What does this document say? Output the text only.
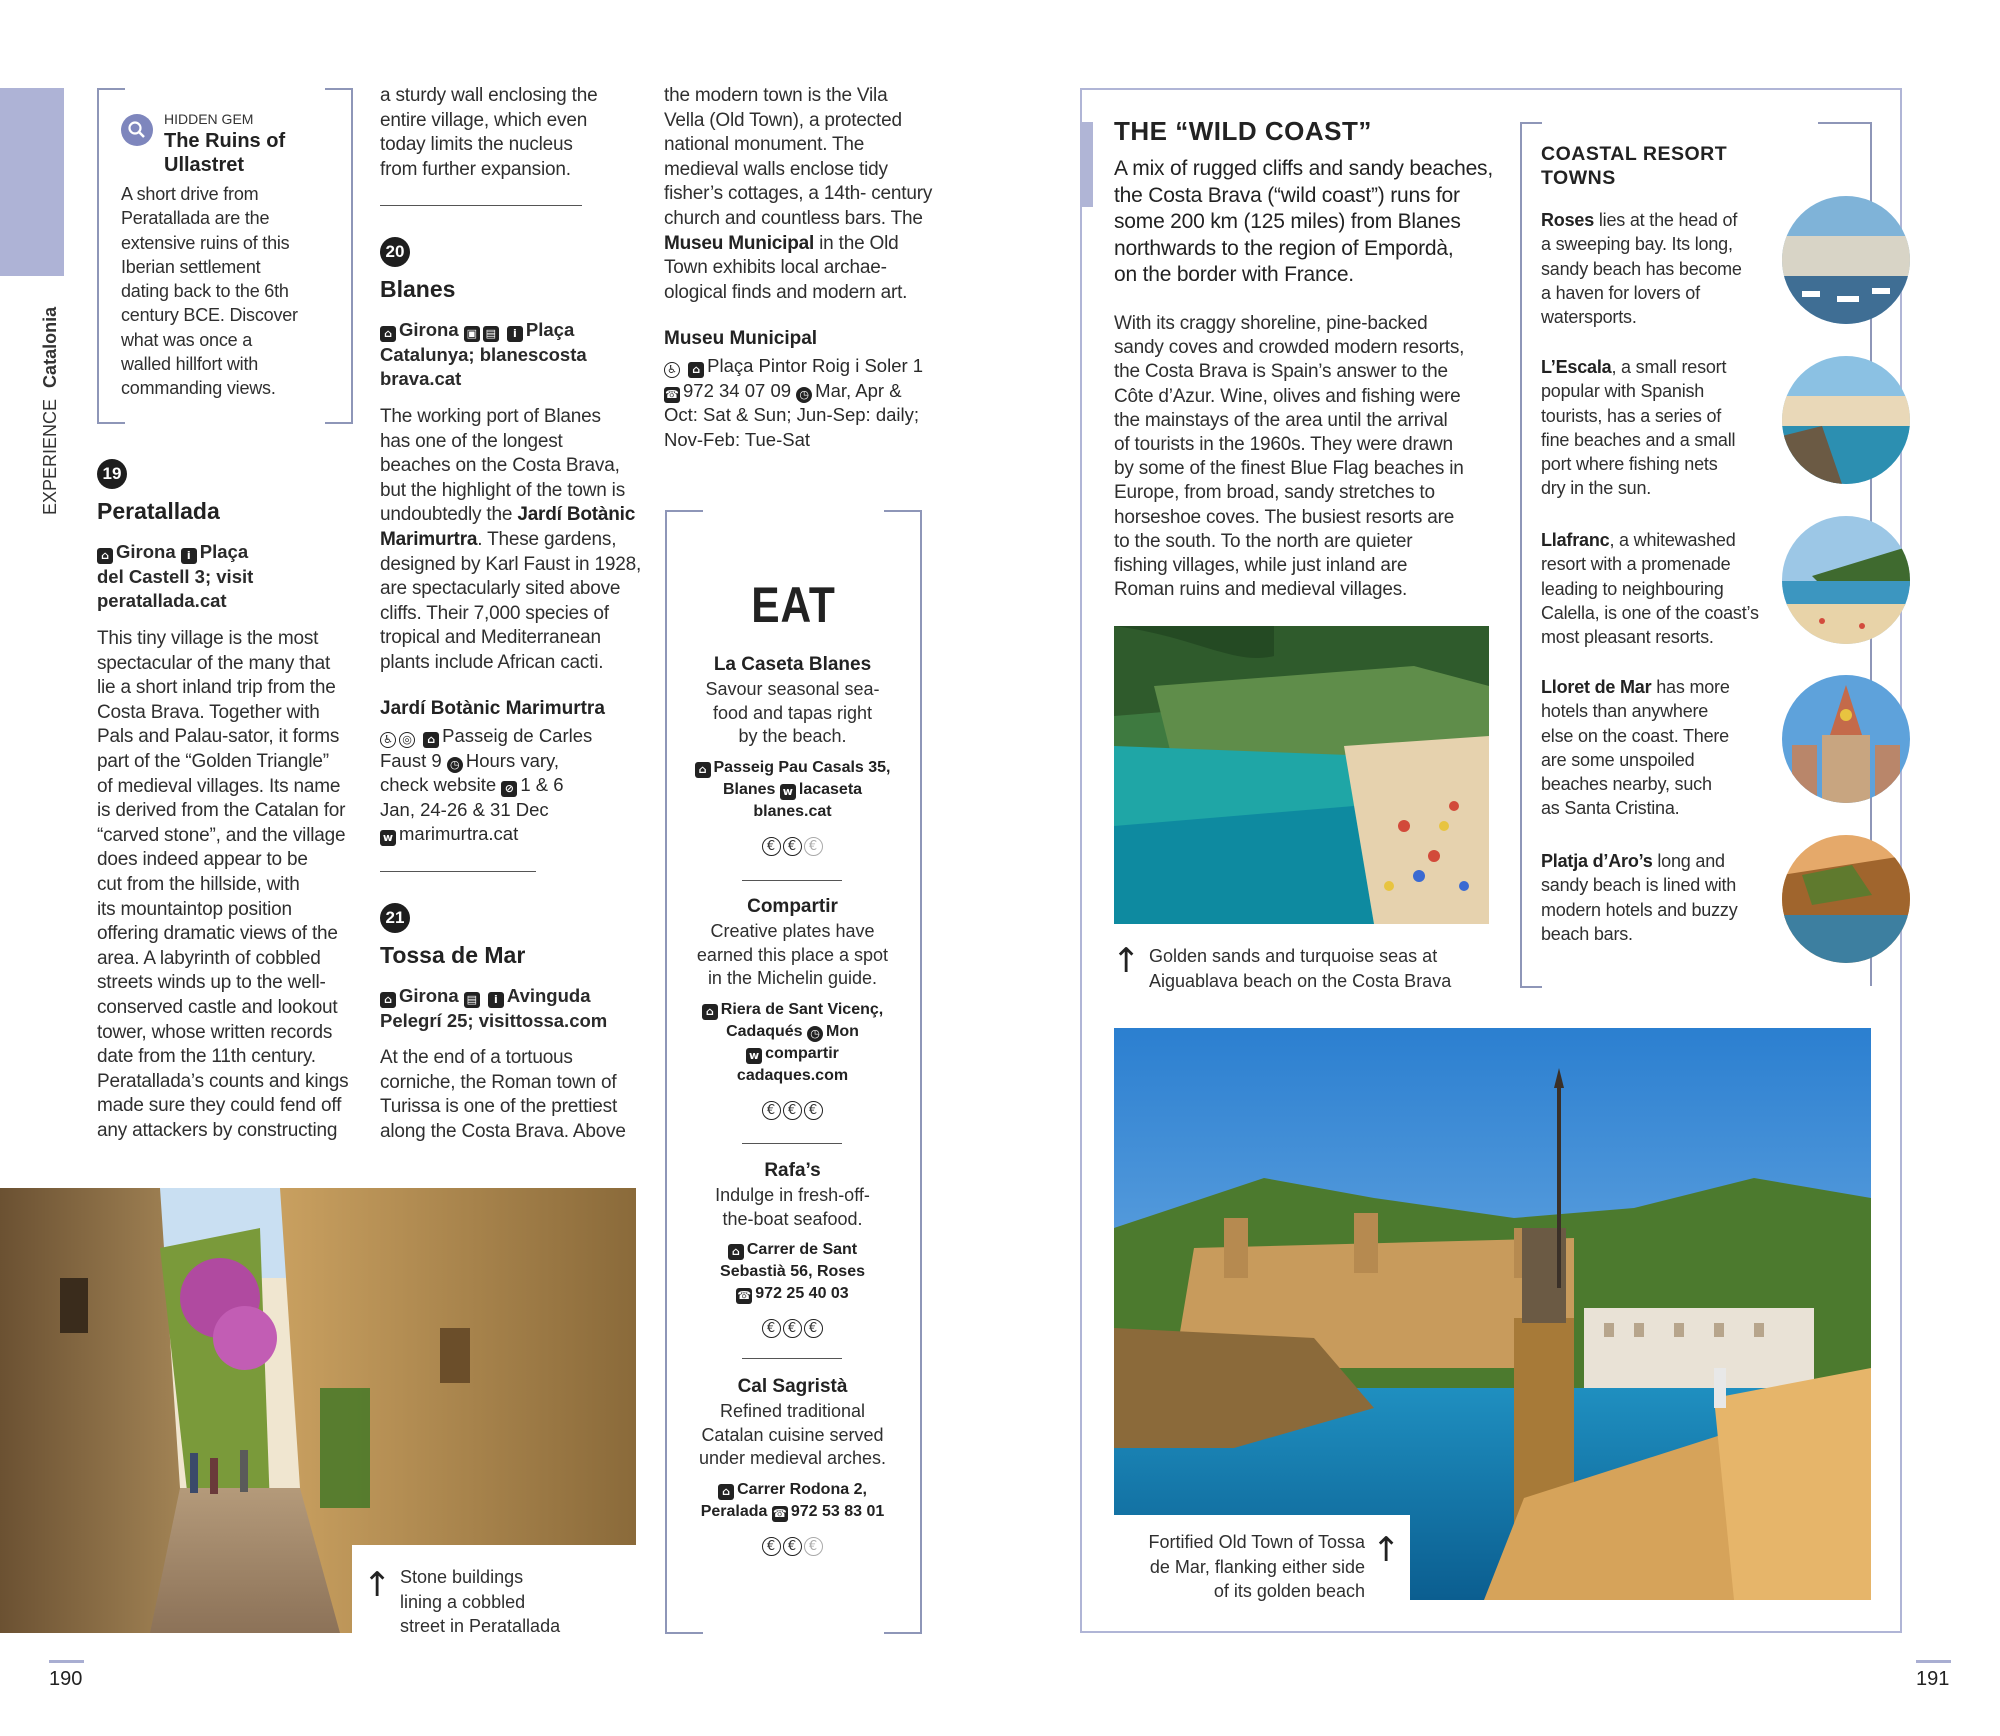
EXPERIENCE Catalonia
HIDDEN GEM
The Ruins of Ullastret
A short drive from
Peratallada are the
extensive ruins of this
Iberian settlement
dating back to the 6th
century BCE. Discover
what was once a
walled hillfort with
commanding views.
19
Peratallada
⌂ Girona i Plaça
del Castell 3; visit
peratallada.cat
This tiny village is the most
spectacular of the many that
lie a short inland trip from the
Costa Brava. Together with
Pals and Palau-sator, it forms
part of the “Golden Triangle”
of medieval villages. Its name
is derived from the Catalan for
“carved stone”, and the village
does indeed appear to be
cut from the hillside, with
its mountaintop position
offering dramatic views of the
area. A labyrinth of cobbled
streets winds up to the well-
conserved castle and lookout
tower, whose written records
date from the 11th century.
Peratallada’s counts and kings
made sure they could fend off
any attackers by constructing
a sturdy wall enclosing the
entire village, which even
today limits the nucleus
from further expansion.
20
Blanes
⌂ Girona ▣ ▤ i Plaça
Catalunya; blanescosta
brava.cat
The working port of Blanes
has one of the longest
beaches on the Costa Brava,
but the highlight of the town is
undoubtedly the Jardí Botànic
Marimurtra. These gardens,
designed by Karl Faust in 1928,
are spectacularly sited above
cliffs. Their 7,000 species of
tropical and Mediterranean
plants include African cacti.
Jardí Botànic Marimurtra
♿ ◎ ⌂ Passeig de Carles
Faust 9 ◷ Hours vary,
check website ⊘ 1 & 6
Jan, 24-26 & 31 Dec
w marimurtra.cat
21
Tossa de Mar
⌂ Girona ▤ i Avinguda
Pelegrí 25; visittossa.com
At the end of a tortuous
corniche, the Roman town of
Turissa is one of the prettiest
along the Costa Brava. Above
the modern town is the Vila
Vella (Old Town), a protected
national monument. The
medieval walls enclose tidy
fisher’s cottages, a 14th- century
church and countless bars. The
Museu Municipal in the Old
Town exhibits local archae-
ological finds and modern art.
Museu Municipal
♿ ⌂ Plaça Pintor Roig i Soler 1
☎ 972 34 07 09 ◷ Mar, Apr &
Oct: Sat & Sun; Jun-Sep: daily;
Nov-Feb: Tue-Sat
EAT
La Caseta Blanes
Savour seasonal sea-
food and tapas right
by the beach.
⌂ Passeig Pau Casals 35,
Blanes w lacaseta
blanes.cat
€ € €
Compartir
Creative plates have
earned this place a spot
in the Michelin guide.
⌂ Riera de Sant Vicenç,
Cadaqués ◷ Mon
w compartir
cadaques.com
€ € €
Rafa’s
Indulge in fresh-off-
the-boat seafood.
⌂ Carrer de Sant
Sebastià 56, Roses
☎ 972 25 40 03
€ € €
Cal Sagristà
Refined traditional
Catalan cuisine served
under medieval arches.
⌂ Carrer Rodona 2,
Peralada ☎ 972 53 83 01
€ € €
↑ Stone buildings
lining a cobbled
street in Peratallada
190
THE “WILD COAST”
A mix of rugged cliffs and sandy beaches,
the Costa Brava (“wild coast”) runs for
some 200 km (125 miles) from Blanes
northwards to the region of Empordà,
on the border with France.
With its craggy shoreline, pine-backed
sandy coves and crowded modern resorts,
the Costa Brava is Spain’s answer to the
Côte d’Azur. Wine, olives and fishing were
the mainstays of the area until the arrival
of tourists in the 1960s. They were drawn
by some of the finest Blue Flag beaches in
Europe, from broad, sandy stretches to
horseshoe coves. The busiest resorts are
to the south. To the north are quieter
fishing villages, while just inland are
Roman ruins and medieval villages.
↑ Golden sands and turquoise seas at
Aiguablava beach on the Costa Brava
COASTAL RESORT
TOWNS
Roses lies at the head of
a sweeping bay. Its long,
sandy beach has become
a haven for lovers of
watersports.
L’Escala, a small resort
popular with Spanish
tourists, has a series of
fine beaches and a small
port where fishing nets
dry in the sun.
Llafranc, a whitewashed
resort with a promenade
leading to neighbouring
Calella, is one of the coast’s
most pleasant resorts.
Lloret de Mar has more
hotels than anywhere
else on the coast. There
are some unspoiled
beaches nearby, such
as Santa Cristina.
Platja d’Aro’s long and
sandy beach is lined with
modern hotels and buzzy
beach bars.
Fortified Old Town of Tossa
de Mar, flanking either side
of its golden beach
↑
191
